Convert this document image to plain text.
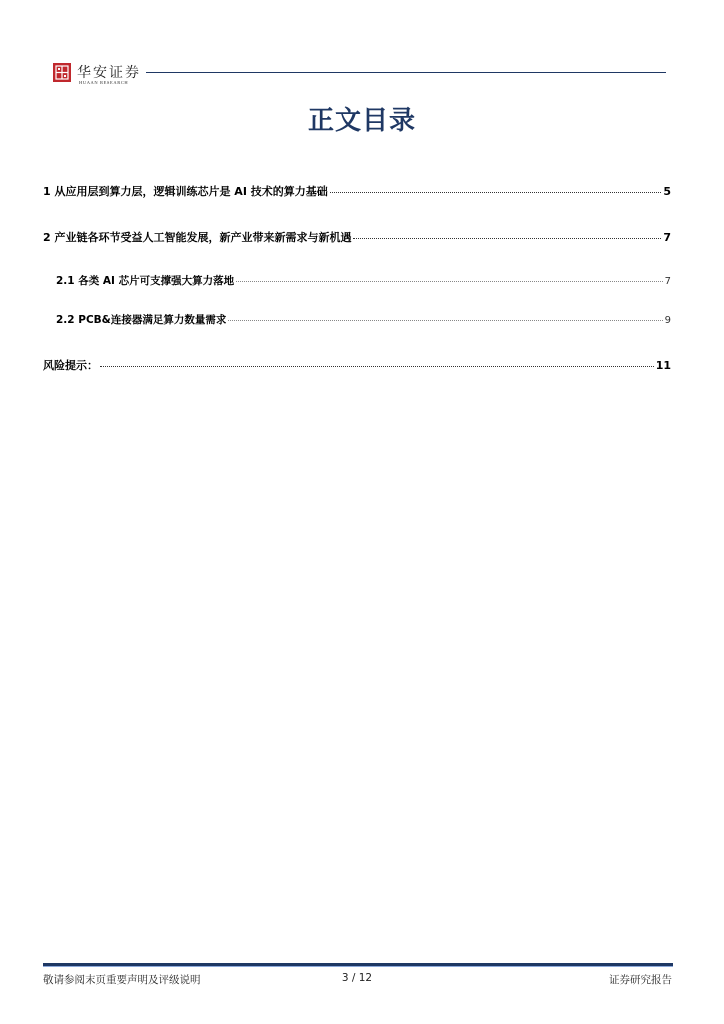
华安证券
HUAAN RESEARCH
正文目录
1 从应用层到算力层，逻辑训练芯片是 AI 技术的算力基础	5
2 产业链各环节受益人工智能发展，新产业带来新需求与新机遇	7
2.1 各类 AI 芯片可支撑强大算力落地	7
2.2 PCB&连接器满足算力数量需求	9
风险提示：	11
敬请参阅末页重要声明及评级说明	3 / 12	证券研究报告
